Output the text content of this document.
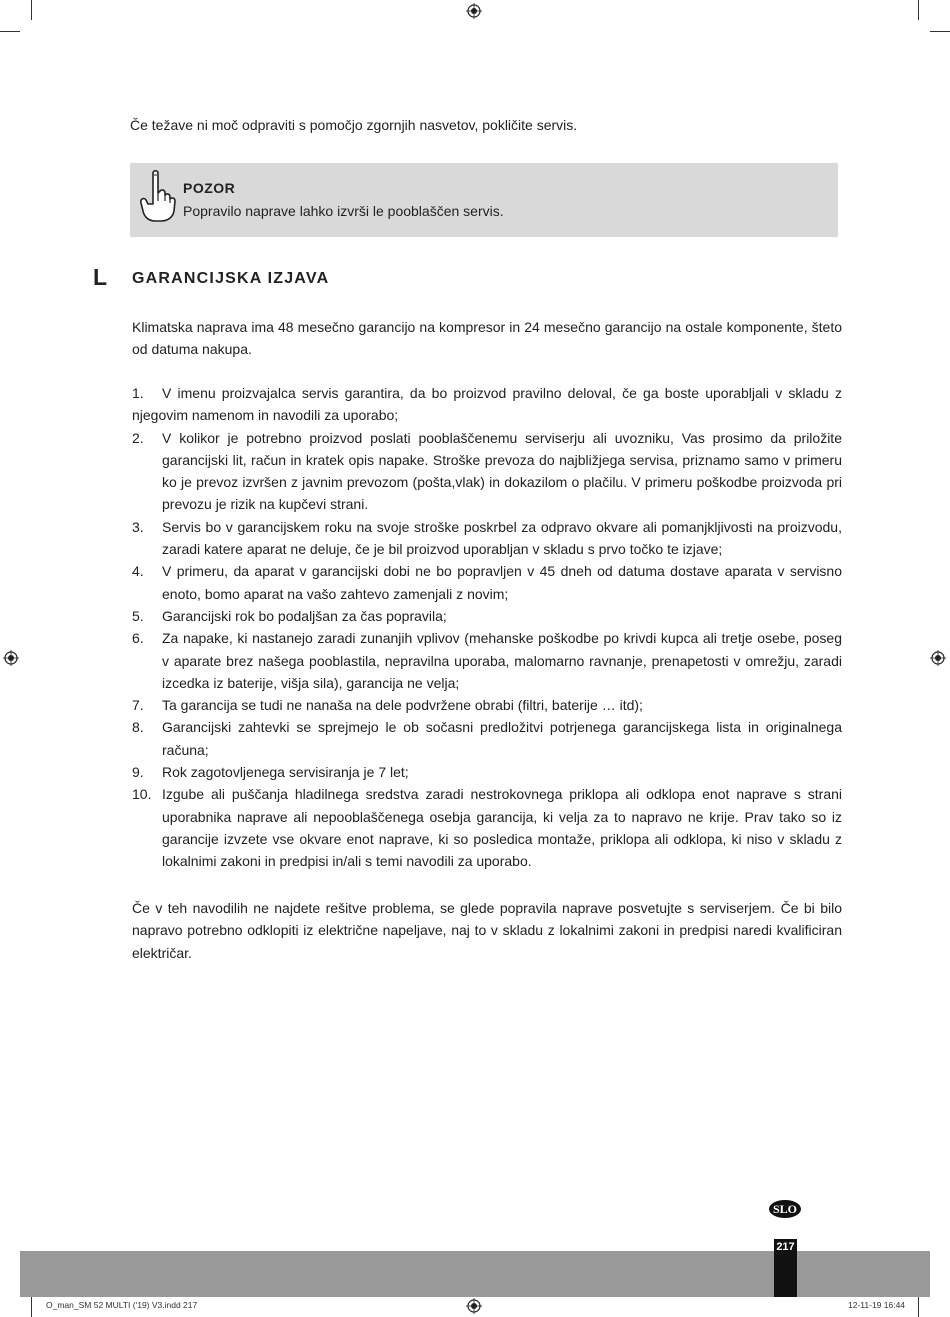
Če težave ni moč odpraviti s pomočjo zgornjih nasvetov, pokličite servis.
POZOR
Popravilo naprave lahko izvrši le pooblaščen servis.
L GARANCIJSKA IZJAVA
Klimatska naprava ima 48 mesečno garancijo na kompresor in 24 mesečno garancijo na ostale komponente, šteto od datuma nakupa.
1. V imenu proizvajalca servis garantira, da bo proizvod pravilno deloval, če ga boste uporabljali v skladu z njegovim namenom in navodili za uporabo;
2. V kolikor je potrebno proizvod poslati pooblaščenemu serviserju ali uvozniku, Vas prosimo da priložite garancijski lit, račun in kratek opis napake. Stroške prevoza do najbližjega servisa, priznamo samo v primeru ko je prevoz izvršen z javnim prevozom (pošta,vlak) in dokazilom o plačilu. V primeru poškodbe proizvoda pri prevozu je rizik na kupčevi strani.
3. Servis bo v garancijskem roku na svoje stroške poskrbel za odpravo okvare ali pomanjkljivosti na proizvodu, zaradi katere aparat ne deluje, če je bil proizvod uporabljan v skladu s prvo točko te izjave;
4. V primeru, da aparat v garancijski dobi ne bo popravljen v 45 dneh od datuma dostave aparata v servisno enoto, bomo aparat na vašo zahtevo zamenjali z novim;
5. Garancijski rok bo podaljšan za čas popravila;
6. Za napake, ki nastanejo zaradi zunanjih vplivov (mehanske poškodbe po krivdi kupca ali tretje osebe, poseg v aparate brez našega pooblastila, nepravilna uporaba, malomarno ravnanje, prenapetosti v omrežju, zaradi izcedka iz baterije, višja sila), garancija ne velja;
7. Ta garancija se tudi ne nanaša na dele podvržene obrabi (filtri, baterije … itd);
8. Garancijski zahtevki se sprejmejo le ob sočasni predložitvi potrjenega garancijskega lista in originalnega računa;
9. Rok zagotovljenega servisiranja je 7 let;
10. Izgube ali puščanja hladilnega sredstva zaradi nestrokovnega priklopa ali odklopa enot naprave s strani uporabnika naprave ali nepooblaščenega osebja garancija, ki velja za to napravo ne krije. Prav tako so iz garancije izvzete vse okvare enot naprave, ki so posledica montaže, priklopa ali odklopa, ki niso v skladu z lokalnimi zakoni in predpisi in/ali s temi navodili za uporabo.
Če v teh navodilih ne najdete rešitve problema, se glede popravila naprave posvetujte s serviserjem. Če bi bilo napravo potrebno odklopiti iz električne napeljave, naj to v skladu z lokalnimi zakoni in predpisi naredi kvalificiran električar.
SLO
217
O_man_SM 52 MULTI ('19) V3.indd 217	12-11-19 16:44
